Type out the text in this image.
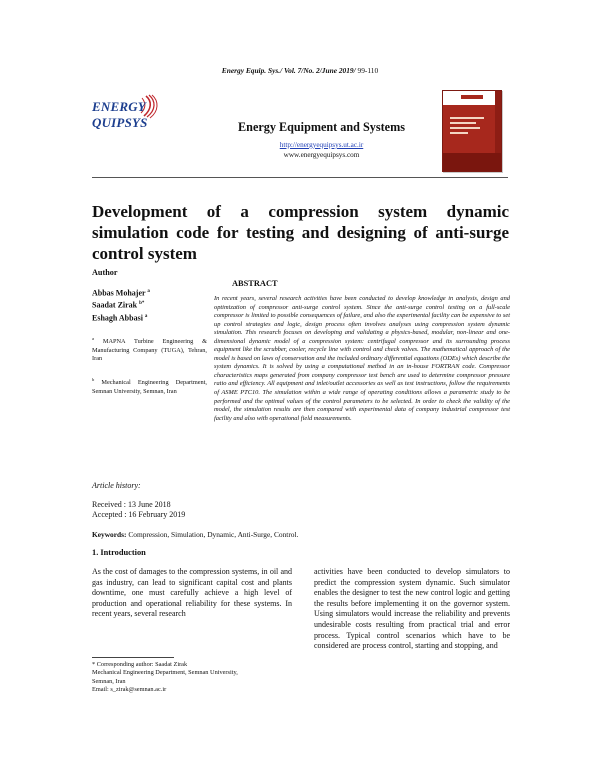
Energy Equip. Sys./ Vol. 7/No. 2/June 2019/ 99-110
ENERGYQUIPSYS	Energy Equipment and Systems
http://energyequipsys.ut.ac.ir
www.energyequipsys.com
Development of a compression system dynamic simulation code for testing and designing of anti-surge control system
Author
ABSTRACT
Abbas Mohajer $^a$
Saadat Zirak $^{b*}$
Eshagh Abbasi $^a$
$^a$ MAPNA Turbine Engineering & Manufacturing Company (TUGA), Tehran, Iran
$^b$ Mechanical Engineering Department, Semnan University, Semnan, Iran
Article history:
Received : 13 June 2018
Accepted : 16 February 2019
In recent years, several research activities have been conducted to develop knowledge in analysis, design and optimization of compressor anti-surge control system. Since the anti-surge control testing on a full-scale compressor is limited to possible consequences of failure, and also the experimental facility can be expensive to set up control strategies and logic, design process often involves analyses using compression system dynamic simulation. This research focuses on developing and validating a physics-based, modular, non-linear and one-dimensional dynamic model of a compression system: centrifugal compressor and its surrounding process equipment like the scrubber, cooler, recycle line with control and check valves. The mathematical approach of the model is based on laws of conservation and the included ordinary differential equations (ODEs) which describe the system dynamics. It is solved by using a computational method in an in-house FORTRAN code. Compressor characteristics maps generated from company compressor test bench are used to determine compressor pressure ratio and efficiency. All equipment and inlet/outlet accessories as well as test instructions, follow the requirements of ASME PTC10. The simulation within a wide range of operating conditions allows a parametric study to be performed and the optimal values of the control parameters to be selected. In order to check the validity of the model, the simulation results are then compared with experimental data of company industrial compressor test facility and also with operational field measurements.
Keywords: Compression, Simulation, Dynamic, Anti-Surge, Control.
1. Introduction
As the cost of damages to the compression systems, in oil and gas industry, can lead to significant capital cost and plants downtime, one must carefully achieve a high level of production and operational reliability for these systems. In recent years, several research
activities have been conducted to develop simulators to predict the compression system dynamic. Such simulator enables the designer to test the new control logic and getting the results before implementing it on the governor system. Using simulators would increase the reliability and prevents undesirable costs resulting from practical trial and error process. Typical control scenarios which have to be considered are process control, starting and stopping, and
* Corresponding author: Saadat Zirak
Mechanical Engineering Department, Semnan University,
Semnan, Iran
Email: s_zirak@semnan.ac.ir
